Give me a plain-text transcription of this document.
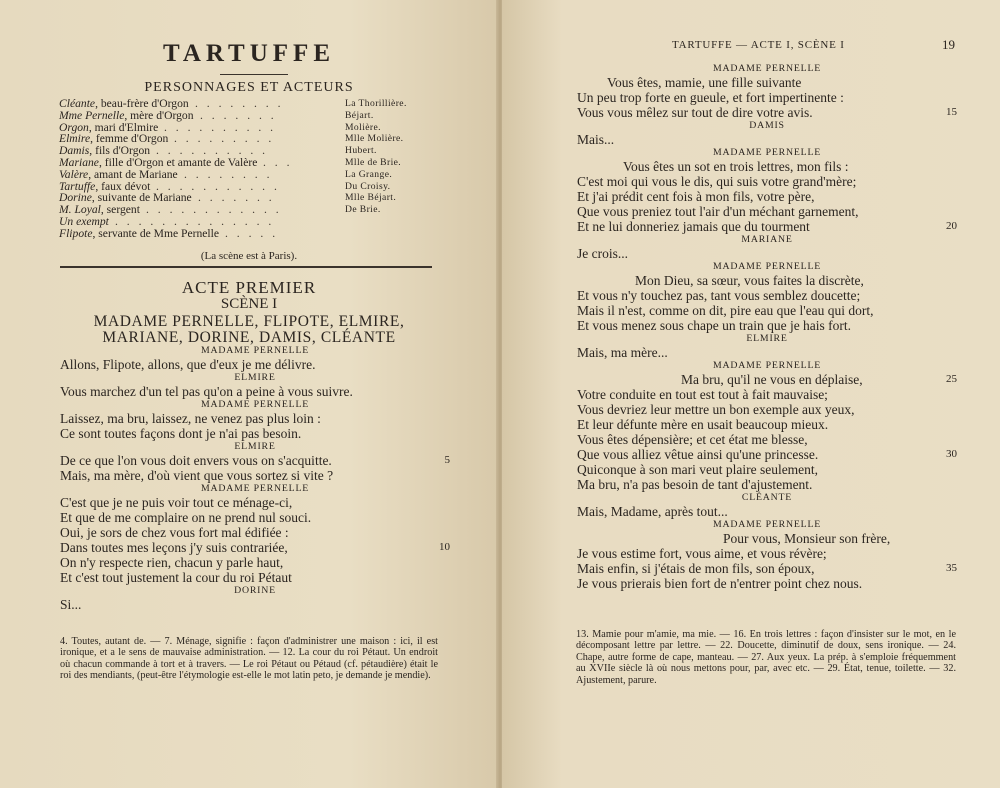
TARTUFFE
PERSONNAGES ET ACTEURS
Cléante, beau-frère d'Orgon . . . . . . . .	La Thorillière.
Mme Pernelle, mère d'Orgon . . . . . . .	Béjart.
Orgon, mari d'Elmire . . . . . . . . . .	Molière.
Elmire, femme d'Orgon . . . . . . . . .	Mlle Molière.
Damis, fils d'Orgon . . . . . . . . . .	Hubert.
Mariane, fille d'Orgon et amante de Valère . . .	Mlle de Brie.
Valère, amant de Mariane . . . . . . . .	La Grange.
Tartuffe, faux dévot . . . . . . . . . . .	Du Croisy.
Dorine, suivante de Mariane . . . . . . .	Mlle Béjart.
M. Loyal, sergent . . . . . . . . . . . .	De Brie.
Un exempt . . . . . . . . . . . . . .
Flipote, servante de Mme Pernelle . . . . .
(La scène est à Paris).
ACTE PREMIER
SCÈNE I
MADAME PERNELLE, FLIPOTE, ELMIRE,
MARIANE, DORINE, DAMIS, CLÉANTE
MADAME PERNELLE
Allons, Flipote, allons, que d'eux je me délivre.
ELMIRE
Vous marchez d'un tel pas qu'on a peine à vous suivre.
MADAME PERNELLE
Laissez, ma bru, laissez, ne venez pas plus loin :
Ce sont toutes façons dont je n'ai pas besoin.
ELMIRE
De ce que l'on vous doit envers vous on s'acquitte.	5
Mais, ma mère, d'où vient que vous sortez si vite ?
MADAME PERNELLE
C'est que je ne puis voir tout ce ménage-ci,
Et que de me complaire on ne prend nul souci.
Oui, je sors de chez vous fort mal édifiée :
Dans toutes mes leçons j'y suis contrariée,	10
On n'y respecte rien, chacun y parle haut,
Et c'est tout justement la cour du roi Pétaut
DORINE
Si...
4. Toutes, autant de. — 7. Ménage, signifie : façon d'administrer une maison : ici, il est ironique, et a le sens de mauvaise administration. — 12. La cour du roi Pétaut. Un endroit où chacun commande à tort et à travers. — Le roi Pétaut ou Pétaud (cf. pétaudière) était le roi des mendiants, (peut-être l'étymologie est-elle le mot latin peto, je demande je mendie).
TARTUFFE — ACTE I, SCÈNE I	19
MADAME PERNELLE
Vous êtes, mamie, une fille suivante
Un peu trop forte en gueule, et fort impertinente :
Vous vous mêlez sur tout de dire votre avis.	15
DAMIS
Mais...
MADAME PERNELLE
Vous êtes un sot en trois lettres, mon fils :
C'est moi qui vous le dis, qui suis votre grand'mère;
Et j'ai prédit cent fois à mon fils, votre père,
Que vous preniez tout l'air d'un méchant garnement,
Et ne lui donneriez jamais que du tourment	20
MARIANE
Je crois...
MADAME PERNELLE
Mon Dieu, sa sœur, vous faites la discrète,
Et vous n'y touchez pas, tant vous semblez doucette;
Mais il n'est, comme on dit, pire eau que l'eau qui dort,
Et vous menez sous chape un train que je hais fort.
ELMIRE
Mais, ma mère...
MADAME PERNELLE
Ma bru, qu'il ne vous en déplaise,	25
Votre conduite en tout est tout à fait mauvaise;
Vous devriez leur mettre un bon exemple aux yeux,
Et leur défunte mère en usait beaucoup mieux.
Vous êtes dépensière; et cet état me blesse,
Que vous alliez vêtue ainsi qu'une princesse.	30
Quiconque à son mari veut plaire seulement,
Ma bru, n'a pas besoin de tant d'ajustement.
CLÉANTE
Mais, Madame, après tout...
MADAME PERNELLE
Pour vous, Monsieur son frère,
Je vous estime fort, vous aime, et vous révère;
Mais enfin, si j'étais de mon fils, son époux,	35
Je vous prierais bien fort de n'entrer point chez nous.
13. Mamie pour m'amie, ma mie. — 16. En trois lettres : façon d'insister sur le mot, en le décomposant lettre par lettre. — 22. Doucette, diminutif de doux, sens ironique. — 24. Chape, autre forme de cape, manteau. — 27. Aux yeux. La prép. à s'emploie fréquemment au XVIIe siècle là où nous mettons pour, par, avec etc. — 29. État, tenue, toilette. — 32. Ajustement, parure.
